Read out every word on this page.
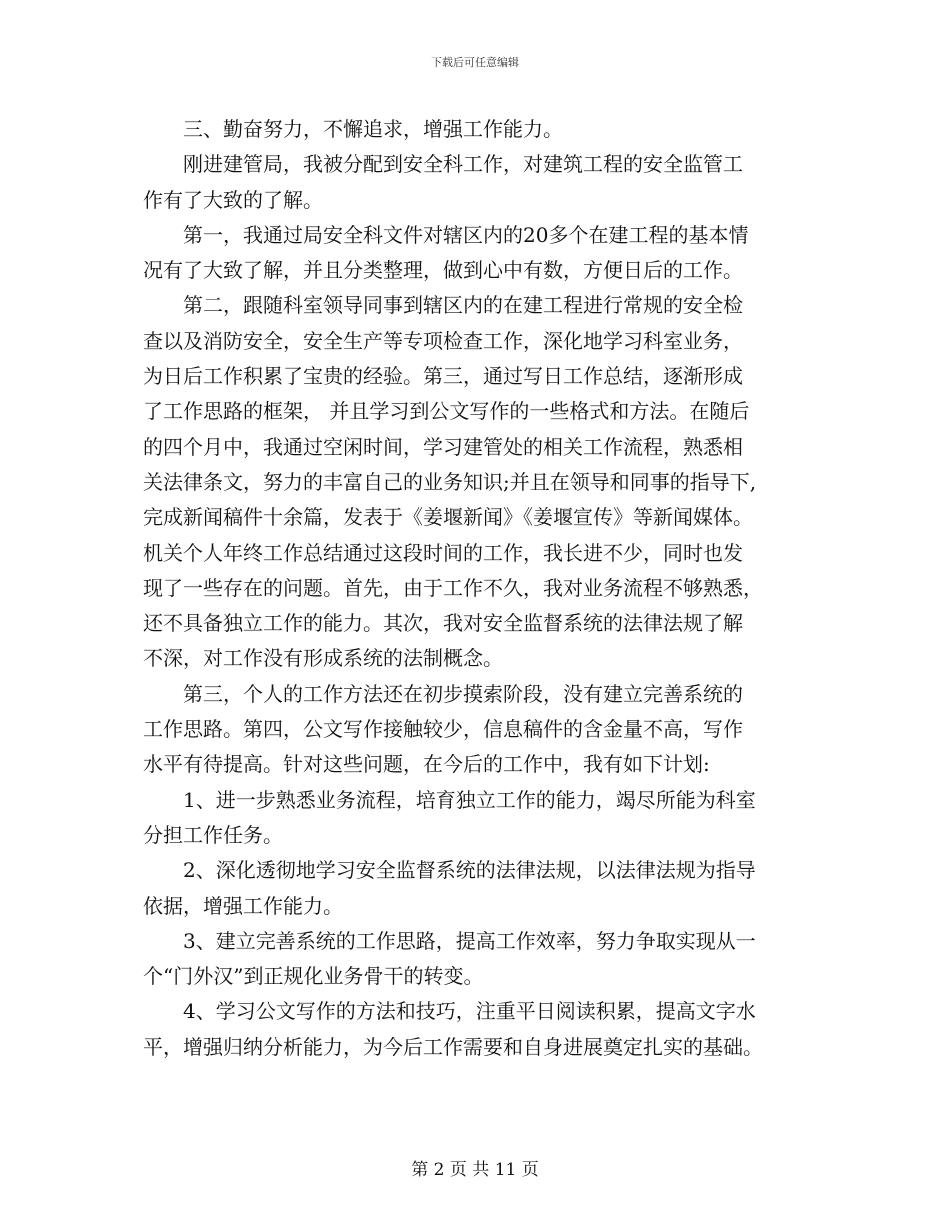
下载后可任意编辑
三、勤奋努力，不懈追求，增强工作能力。
刚进建管局，我被分配到安全科工作，对建筑工程的安全监管工
作有了大致的了解。
第一，我通过局安全科文件对辖区内的20多个在建工程的基本情
况有了大致了解，并且分类整理，做到心中有数，方便日后的工作。
第二，跟随科室领导同事到辖区内的在建工程进行常规的安全检
查以及消防安全，安全生产等专项检查工作，深化地学习科室业务，
为日后工作积累了宝贵的经验。第三，通过写日工作总结，逐渐形成
了工作思路的框架， 并且学习到公文写作的一些格式和方法。在随后
的四个月中，我通过空闲时间，学习建管处的相关工作流程，熟悉相
关法律条文，努力的丰富自己的业务知识;并且在领导和同事的指导下,
完成新闻稿件十余篇，发表于《姜堰新闻》《姜堰宣传》等新闻媒体。
机关个人年终工作总结通过这段时间的工作，我长进不少，同时也发
现了一些存在的问题。首先，由于工作不久，我对业务流程不够熟悉，
还不具备独立工作的能力。其次，我对安全监督系统的法律法规了解
不深，对工作没有形成系统的法制概念。
第三，个人的工作方法还在初步摸索阶段，没有建立完善系统的
工作思路。第四，公文写作接触较少，信息稿件的含金量不高，写作
水平有待提高。针对这些问题，在今后的工作中，我有如下计划:
1、进一步熟悉业务流程，培育独立工作的能力，竭尽所能为科室
分担工作任务。
2、深化透彻地学习安全监督系统的法律法规，以法律法规为指导
依据，增强工作能力。
3、建立完善系统的工作思路，提高工作效率，努力争取实现从一
个“门外汉”到正规化业务骨干的转变。
4、学习公文写作的方法和技巧，注重平日阅读积累，提高文字水
平，增强归纳分析能力，为今后工作需要和自身进展奠定扎实的基础。
第 2 页 共 11 页
